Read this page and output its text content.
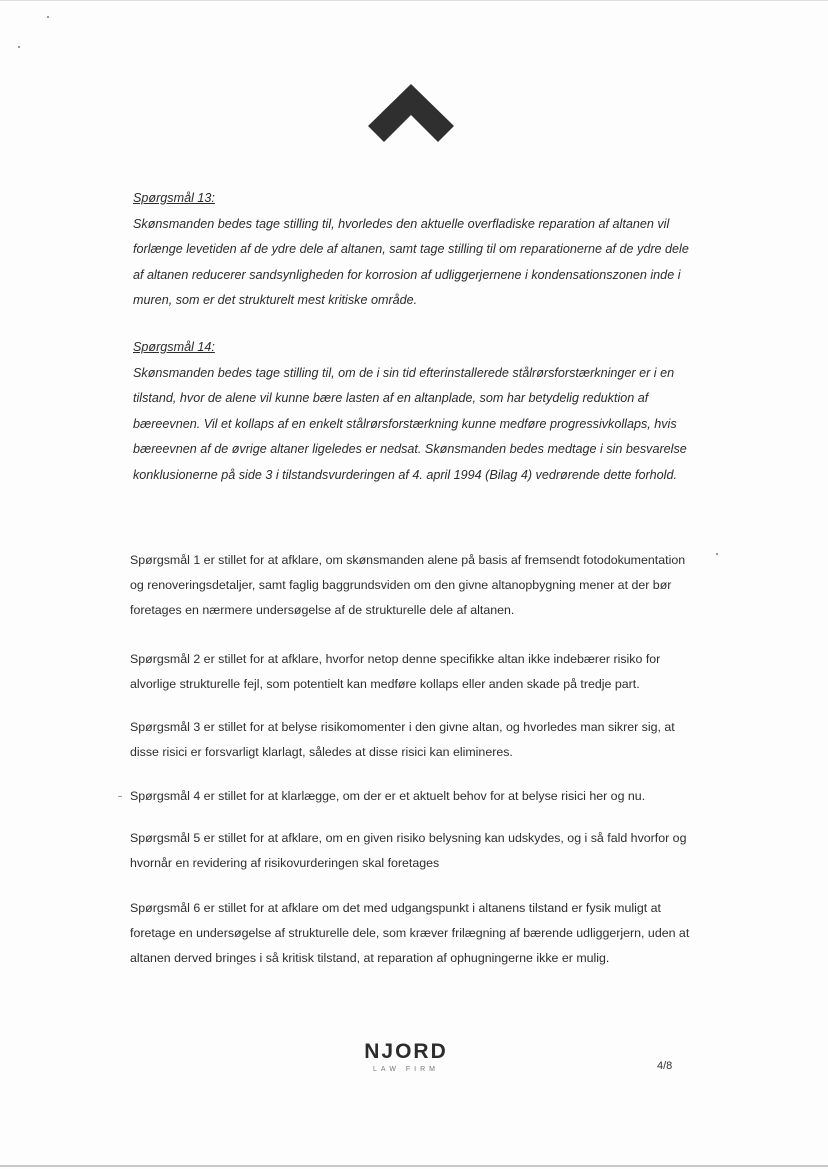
Spørgsmål 13:
Skønsmanden bedes tage stilling til, hvorledes den aktuelle overfladiske reparation af altanen vil forlænge levetiden af de ydre dele af altanen, samt tage stilling til om reparationerne af de ydre dele af altanen reducerer sandsynligheden for korrosion af udliggerjernene i kondensationszonen inde i muren, som er det strukturelt mest kritiske område.
Spørgsmål 14:
Skønsmanden bedes tage stilling til, om de i sin tid efterinstallerede stålrørsforstærkninger er i en tilstand, hvor de alene vil kunne bære lasten af en altanplade, som har betydelig reduktion af bæreevnen. Vil et kollaps af en enkelt stålrørsforstærkning kunne medføre progressivkollaps, hvis bæreevnen af de øvrige altaner ligeledes er nedsat. Skønsmanden bedes medtage i sin besvarelse konklusionerne på side 3 i tilstandsvurderingen af 4. april 1994 (Bilag 4) vedrørende dette forhold.
Spørgsmål 1 er stillet for at afklare, om skønsmanden alene på basis af fremsendt fotodokumentation og renoveringsdetaljer, samt faglig baggrundsviden om den givne altanopbygning mener at der bør foretages en nærmere undersøgelse af de strukturelle dele af altanen.
Spørgsmål 2 er stillet for at afklare, hvorfor netop denne specifikke altan ikke indebærer risiko for alvorlige strukturelle fejl, som potentielt kan medføre kollaps eller anden skade på tredje part.
Spørgsmål 3 er stillet for at belyse risikomomenter i den givne altan, og hvorledes man sikrer sig, at disse risici er forsvarligt klarlagt, således at disse risici kan elimineres.
Spørgsmål 4 er stillet for at klarlægge, om der er et aktuelt behov for at belyse risici her og nu.
Spørgsmål 5 er stillet for at afklare, om en given risiko belysning kan udskydes, og i så fald hvorfor og hvornår en revidering af risikovurderingen skal foretages
Spørgsmål 6 er stillet for at afklare om det med udgangspunkt i altanens tilstand er fysik muligt at foretage en undersøgelse af strukturelle dele, som kræver frilægning af bærende udliggerjern, uden at altanen derved bringes i så kritisk tilstand, at reparation af ophugningerne ikke er mulig.
NJORD
LAW FIRM	4/8
